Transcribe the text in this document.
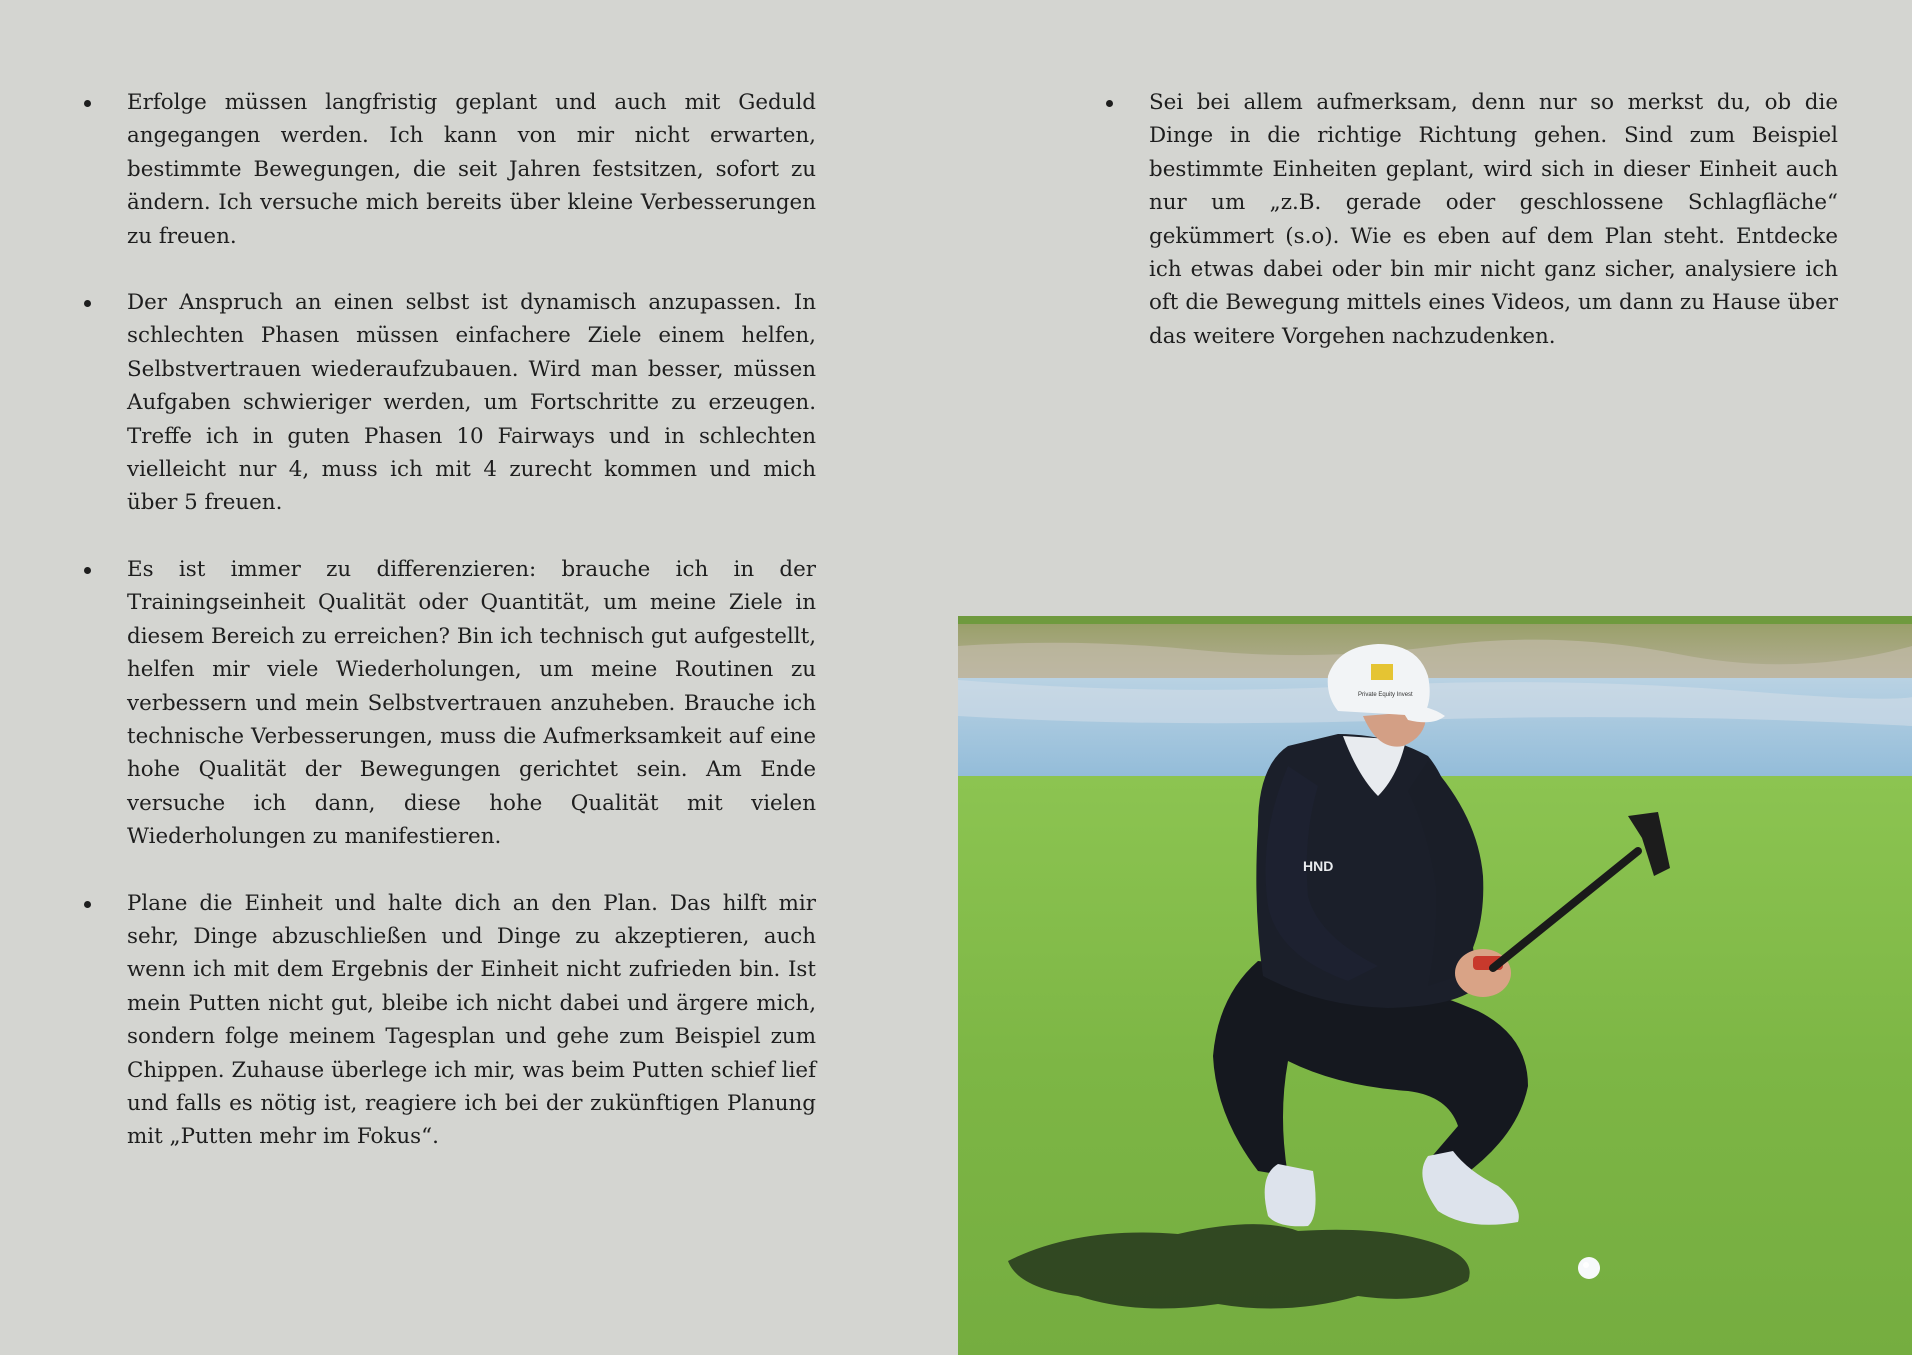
Erfolge müssen langfristig geplant und auch mit Geduld angegangen werden. Ich kann von mir nicht erwarten, bestimmte Bewegungen, die seit Jahren festsitzen, sofort zu ändern. Ich versuche mich bereits über kleine Verbesserungen zu freuen.
Der Anspruch an einen selbst ist dynamisch anzupassen. In schlechten Phasen müssen einfachere Ziele einem helfen, Selbstvertrauen wiederaufzubauen. Wird man besser, müssen Aufgaben schwieriger werden, um Fortschritte zu erzeugen. Treffe ich in guten Phasen 10 Fairways und in schlechten vielleicht nur 4, muss ich mit 4 zurecht kommen und mich über 5 freuen.
Es ist immer zu differenzieren: brauche ich in der Trainingseinheit Qualität oder Quantität, um meine Ziele in diesem Bereich zu erreichen? Bin ich technisch gut aufgestellt, helfen mir viele Wiederholungen, um meine Routinen zu verbessern und mein Selbstvertrauen anzuheben. Brauche ich technische Verbesserungen, muss die Aufmerksamkeit auf eine hohe Qualität der Bewegungen gerichtet sein. Am Ende versuche ich dann, diese hohe Qualität mit vielen Wiederholungen zu manifestieren.
Plane die Einheit und halte dich an den Plan. Das hilft mir sehr, Dinge abzuschließen und Dinge zu akzeptieren, auch wenn ich mit dem Ergebnis der Einheit nicht zufrieden bin. Ist mein Putten nicht gut, bleibe ich nicht dabei und ärgere mich, sondern folge meinem Tagesplan und gehe zum Beispiel zum Chippen. Zuhause überlege ich mir, was beim Putten schief lief und falls es nötig ist, reagiere ich bei der zukünftigen Planung mit „Putten mehr im Fokus“.
Sei bei allem aufmerksam, denn nur so merkst du, ob die Dinge in die richtige Richtung gehen. Sind zum Beispiel bestimmte Einheiten geplant, wird sich in dieser Einheit auch nur um „z.B. gerade oder geschlossene Schlagfläche“ gekümmert (s.o). Wie es eben auf dem Plan steht. Entdecke ich etwas dabei oder bin mir nicht ganz sicher, analysiere ich oft die Bewegung mittels eines Videos, um dann zu Hause über das weitere Vorgehen nachzudenken.
Private Equity Invest
HND
